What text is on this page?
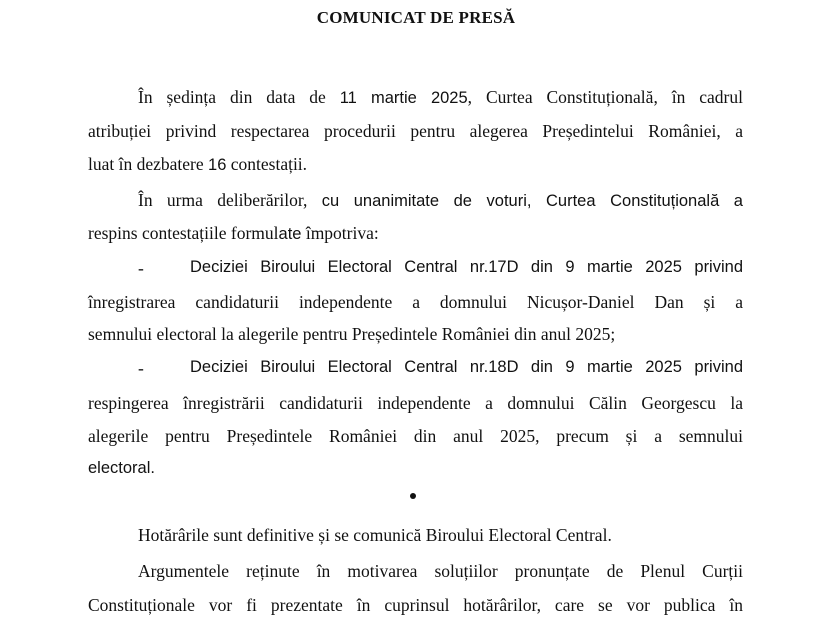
COMUNICAT DE PRESĂ
În ședința din data de 11 martie 2025, Curtea Constituțională, în cadrul
atribuției privind respectarea procedurii pentru alegerea Președintelui României, a
luat în dezbatere 16 contestații.
În urma deliberărilor, cu unanimitate de voturi, Curtea Constituțională a
respins contestațiile formulate împotriva:
-	Deciziei Biroului Electoral Central nr.17D din 9 martie 2025 privind
înregistrarea candidaturii independente a domnului Nicușor-Daniel Dan și a
semnului electoral la alegerile pentru Președintele României din anul 2025;
-	Deciziei Biroului Electoral Central nr.18D din 9 martie 2025 privind
respingerea înregistrării candidaturii independente a domnului Călin Georgescu la
alegerile pentru Președintele României din anul 2025, precum și a semnului
electoral.
Hotărârile sunt definitive și se comunică Biroului Electoral Central.
Argumentele reținute în motivarea soluțiilor pronunțate de Plenul Curții
Constituționale vor fi prezentate în cuprinsul hotărârilor, care se vor publica în
